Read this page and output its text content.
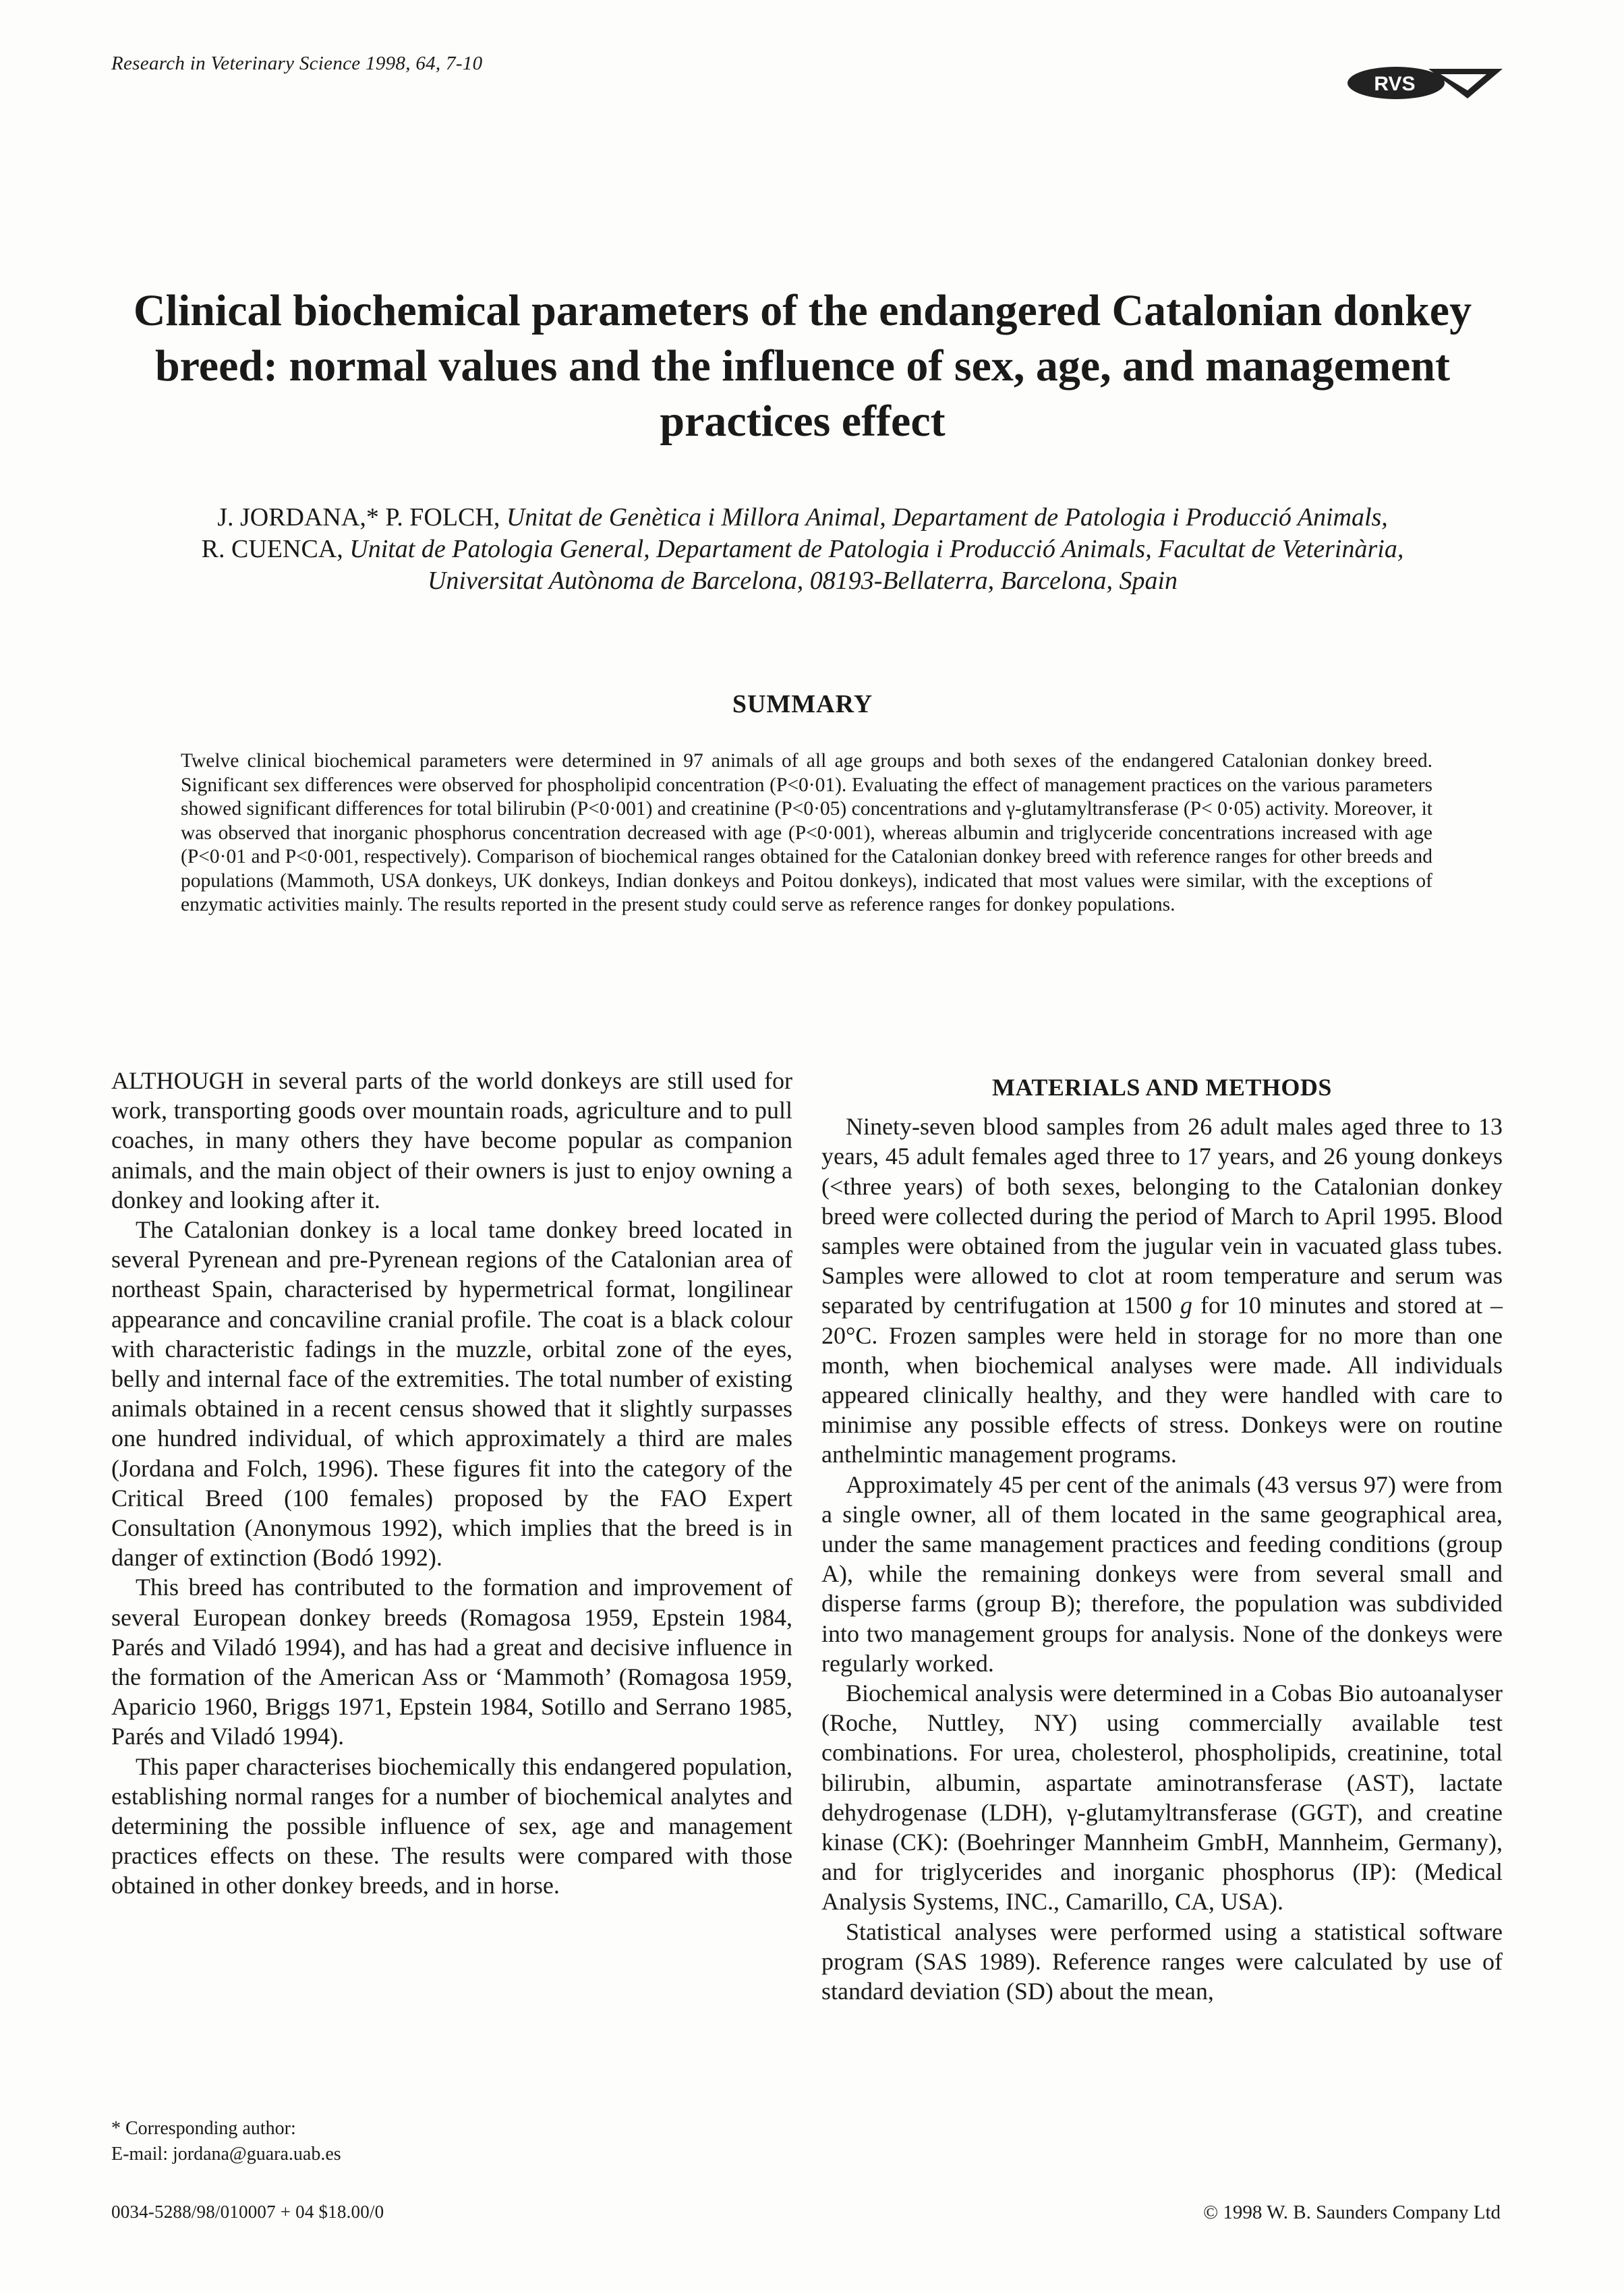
Research in Veterinary Science 1998, 64, 7-10
RVS
Clinical biochemical parameters of the endangered Catalonian donkey breed: normal values and the influence of sex, age, and management practices effect
J. JORDANA,* P. FOLCH, Unitat de Genètica i Millora Animal, Departament de Patologia i Producció Animals,
R. CUENCA, Unitat de Patologia General, Departament de Patologia i Producció Animals, Facultat de Veterinària,
Universitat Autònoma de Barcelona, 08193-Bellaterra, Barcelona, Spain
SUMMARY
Twelve clinical biochemical parameters were determined in 97 animals of all age groups and both sexes of the endangered Catalonian donkey breed. Significant sex differences were observed for phospholipid concentration (P<0·01). Evaluating the effect of management practices on the various parameters showed significant differences for total bilirubin (P<0·001) and creatinine (P<0·05) concentrations and γ-glutamyltransferase (P< 0·05) activity. Moreover, it was observed that inorganic phosphorus concentration decreased with age (P<0·001), whereas albumin and triglyceride concentrations increased with age (P<0·01 and P<0·001, respectively). Comparison of biochemical ranges obtained for the Catalonian donkey breed with reference ranges for other breeds and populations (Mammoth, USA donkeys, UK donkeys, Indian donkeys and Poitou donkeys), indicated that most values were similar, with the exceptions of enzymatic activities mainly. The results reported in the present study could serve as reference ranges for donkey populations.

ALTHOUGH in several parts of the world donkeys are still used for work, transporting goods over mountain roads, agriculture and to pull coaches, in many others they have become popular as companion animals, and the main object of their owners is just to enjoy owning a donkey and looking after it.

The Catalonian donkey is a local tame donkey breed located in several Pyrenean and pre-Pyrenean regions of the Catalonian area of northeast Spain, characterised by hypermetrical format, longilinear appearance and concaviline cranial profile. The coat is a black colour with characteristic fadings in the muzzle, orbital zone of the eyes, belly and internal face of the extremities. The total number of existing animals obtained in a recent census showed that it slightly surpasses one hundred individual, of which approximately a third are males (Jordana and Folch, 1996). These figures fit into the category of the Critical Breed (100 females) proposed by the FAO Expert Consultation (Anonymous 1992), which implies that the breed is in danger of extinction (Bodó 1992).

This breed has contributed to the formation and improvement of several European donkey breeds (Romagosa 1959, Epstein 1984, Parés and Viladó 1994), and has had a great and decisive influence in the formation of the American Ass or ‘Mammoth’ (Romagosa 1959, Aparicio 1960, Briggs 1971, Epstein 1984, Sotillo and Serrano 1985, Parés and Viladó 1994).

This paper characterises biochemically this endangered population, establishing normal ranges for a number of biochemical analytes and determining the possible influence of sex, age and management practices effects on these. The results were compared with those obtained in other donkey breeds, and in horse.

MATERIALS AND METHODS

Ninety-seven blood samples from 26 adult males aged three to 13 years, 45 adult females aged three to 17 years, and 26 young donkeys (<three years) of both sexes, belonging to the Catalonian donkey breed were collected during the period of March to April 1995. Blood samples were obtained from the jugular vein in vacuated glass tubes. Samples were allowed to clot at room temperature and serum was separated by centrifugation at 1500 g for 10 minutes and stored at –20°C. Frozen samples were held in storage for no more than one month, when biochemical analyses were made. All individuals appeared clinically healthy, and they were handled with care to minimise any possible effects of stress. Donkeys were on routine anthelmintic management programs.

Approximately 45 per cent of the animals (43 versus 97) were from a single owner, all of them located in the same geographical area, under the same management practices and feeding conditions (group A), while the remaining donkeys were from several small and disperse farms (group B); therefore, the population was subdivided into two management groups for analysis. None of the donkeys were regularly worked.

Biochemical analysis were determined in a Cobas Bio autoanalyser (Roche, Nuttley, NY) using commercially available test combinations. For urea, cholesterol, phospholipids, creatinine, total bilirubin, albumin, aspartate aminotransferase (AST), lactate dehydrogenase (LDH), γ-glutamyltransferase (GGT), and creatine kinase (CK): (Boehringer Mannheim GmbH, Mannheim, Germany), and for triglycerides and inorganic phosphorus (IP): (Medical Analysis Systems, INC., Camarillo, CA, USA).

Statistical analyses were performed using a statistical software program (SAS 1989). Reference ranges were calculated by use of standard deviation (SD) about the mean,

* Corresponding author:
E-mail: jordana@guara.uab.es
0034-5288/98/010007 + 04 $18.00/0	© 1998 W. B. Saunders Company Ltd
